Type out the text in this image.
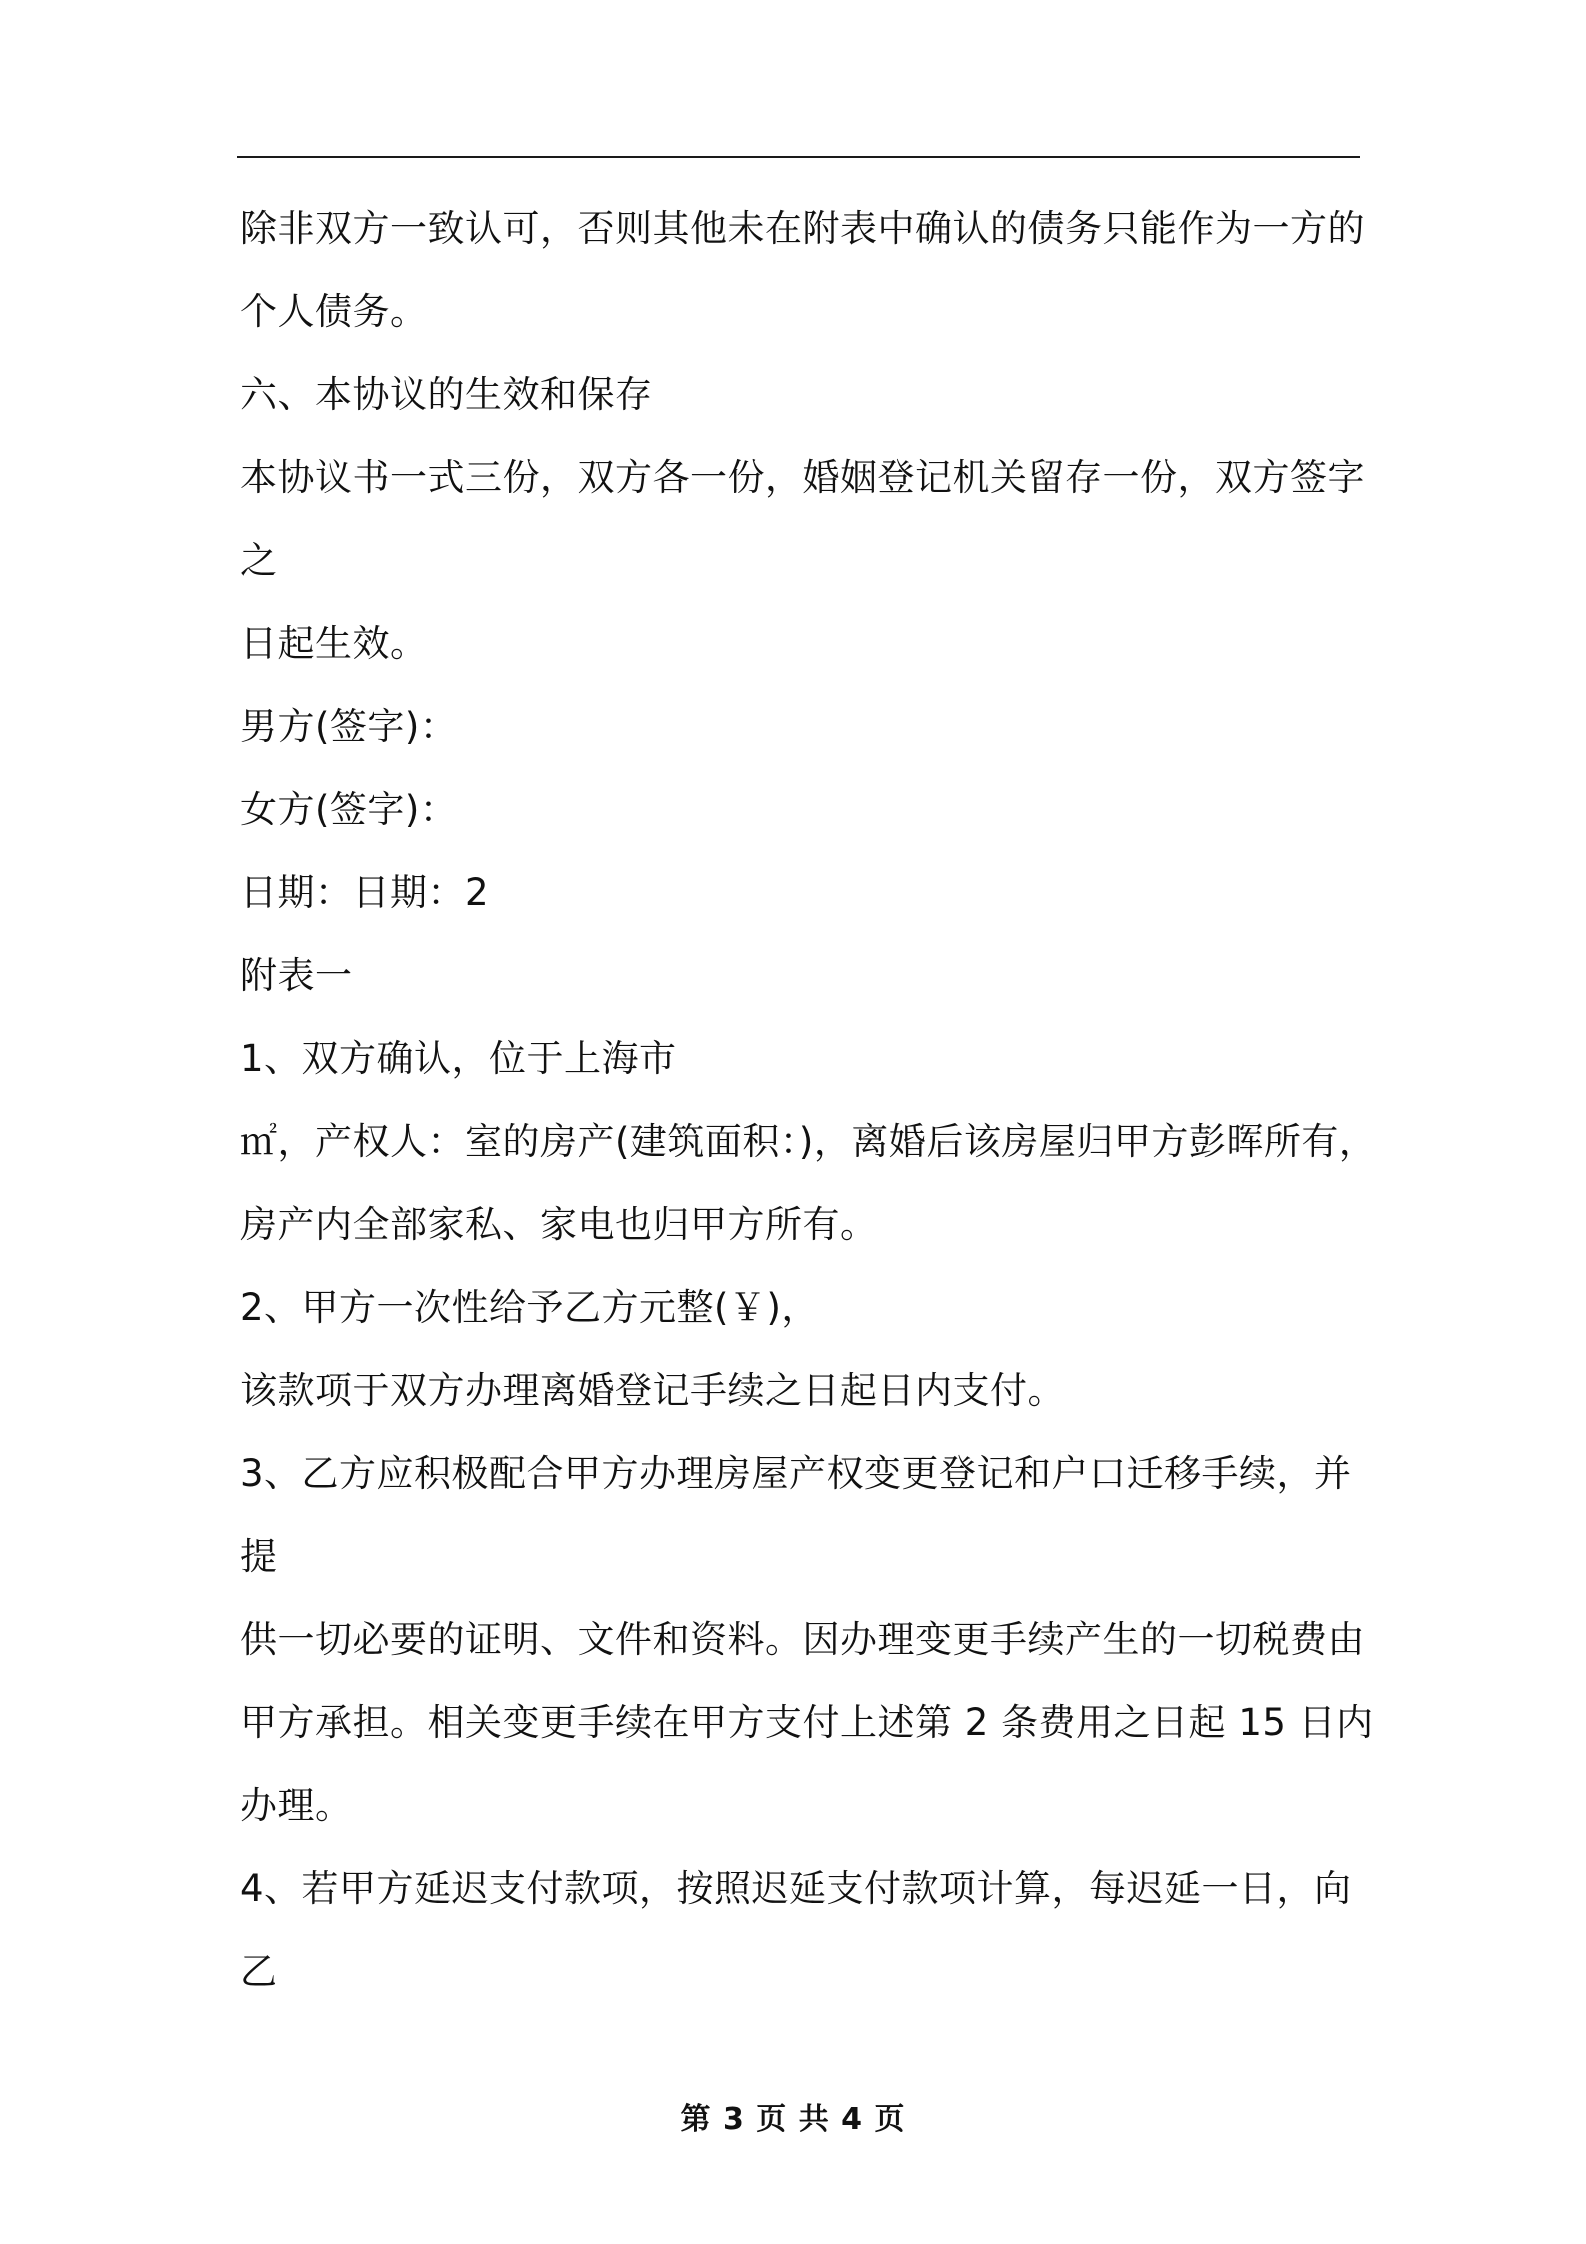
除非双方一致认可，否则其他未在附表中确认的债务只能作为一方的
个人债务。
六、本协议的生效和保存
本协议书一式三份，双方各一份，婚姻登记机关留存一份，双方签字
之
日起生效。
男方(签字)：
女方(签字)：
日期：日期：2
附表一
1、双方确认，位于上海市
㎡，产权人：室的房产(建筑面积：)，离婚后该房屋归甲方彭晖所有，
房产内全部家私、家电也归甲方所有。
2、甲方一次性给予乙方元整(￥)，
该款项于双方办理离婚登记手续之日起日内支付。
3、乙方应积极配合甲方办理房屋产权变更登记和户口迁移手续，并
提
供一切必要的证明、文件和资料。因办理变更手续产生的一切税费由
甲方承担。相关变更手续在甲方支付上述第 2 条费用之日起 15 日内
办理。
4、若甲方延迟支付款项，按照迟延支付款项计算，每迟延一日，向
乙
第 3 页 共 4 页
